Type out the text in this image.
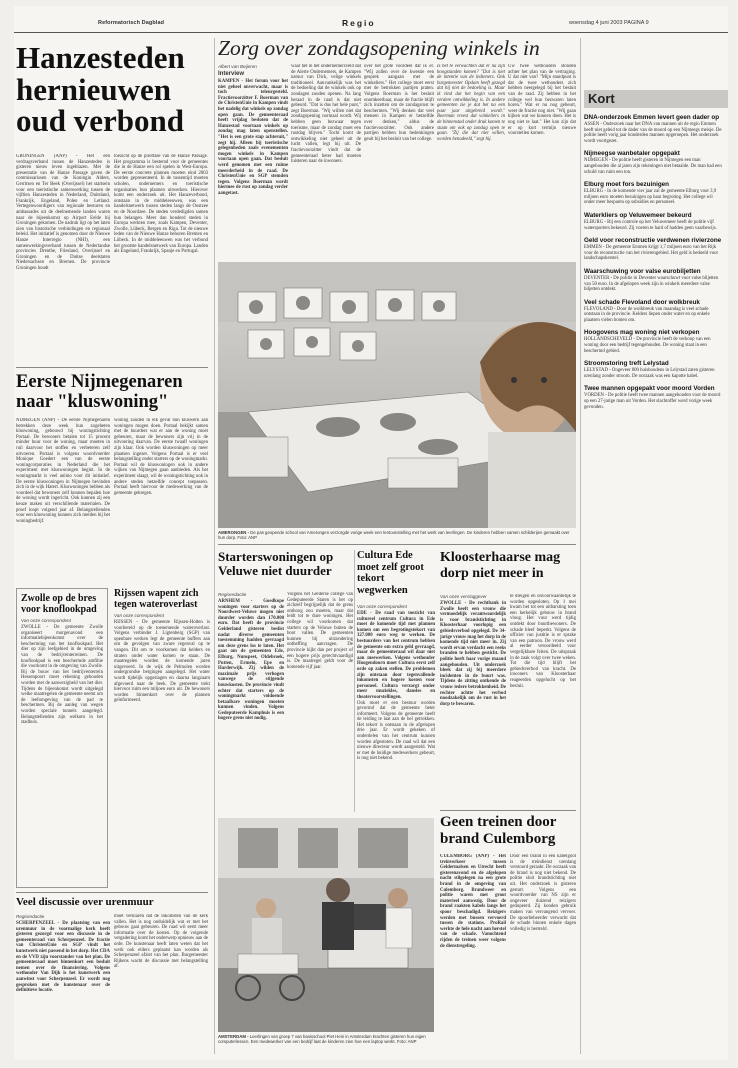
Reformatorisch Dagblad	Regio	woensdag 4 juni 2003 PAGINA 9
Hanzesteden hernieuwen oud verbond

GRONINGEN (ANP) - Het een verdragsverband tussen de Hanzesteden is gisteren nieuw leven ingeblazen. Met de presentatie van de Hanze Passage gaven de commissarissen van de Koningin Alders, Gerritsen en Ter Beek (Overijssel) het startsein voor een toeristische samenwerking tussen de vijftien Hanzesteden in Nederland, Duitsland, Frankrijk, Engeland, Polen en Letland. Vertegenwoordigers van regionale besturen en ambassades uit de deelnemende landen waren naar de bijeenkomst op Airport Eelde bij Groningen gekomen. De nadruk ligt op het laten zien van historische verbindingen en regionaal beleid. Het initiatief is genomen door de Nieuwe Hanze Interregio (NHI), een samenwerkingsverband tussen de Nederlandse provincies Drenthe, Friesland, Overijssel en Groningen en de Duitse deelstaten Niedersachsen en Bremen. De provincie Groningen houdt

toezicht op de pilotfase van de Hanze Passage. Het programma is bestemd voor de gemeentes die in de Hanze een rol spelen in West-Europa. De eerste concrete plannen moeten eind 2003 worden gepresenteerd. In de tussentijd moeten scholen, ondernemers en toeristische organisaties hun plannen uitwerken. Hierover komt een onderzoek uit. Het Hanzeverbond, ontstaan in de middeleeuwen, was een handelsnetwerk tussen steden langs de Oostzee en de Noordzee. De steden verdedigden samen hun belangen. Meer dan honderd steden in Europa werkten mee, zoals Kampen, Deventer, Zwolle, Lübeck, Bergen en Riga. Tot de nieuwe leden van de Nieuwe Hanze behoren Bremen en Lübeck. In de middeleeuwen was het verbond het grootste handelsnetwerk van Europa. Landen als Engeland, Frankrijk, Spanje en Portugal.

Zorg over zondagsopening winkels in
Albert van Beijeren
Interview
KAMPEN - Het forum voor het niet geheel onverwacht, maar is toch teleurgesteld. Fractievoorzitter F. Boerman van de ChristenUnie in Kampen vindt het nadelig dat winkels op zondag open gaan. De gemeenteraad heeft vrijdag besloten dat de Hanzestad voortaan winkels op zondag mag laten openstellen. "Het is een grote stap achteruit," zegt hij. Alleen bij toeristische gelegenheden zoals evenementen mogen winkels in Kampen voortaan open gaan. Dat besluit werd genomen met een ruime meerderheid in de raad. De ChristenUnie en SGP stemden tegen. Volgens Boerman wordt hiermee de rust op zondag verder aangetast.

waar het in het ondernemersveld dat de Alerte Ondernemers, de Kampen natuur van Dick, velige winkels traditioneel. Aanvankelijk was het de bedoeling dat de winkels ook op zondagen zouden openen. Na lang beraad in de raad is dat niet gebeurd. "Dat is dus het hele punt," zegt Boerman. "Wij willen niet dat zondagopening normaal wordt. Wij hebben geen bezwaar tegen toerisme, maar de zondag moet een rustdag blijven." Tocht komt de ontwikkeling niet geheel uit de lucht vallen, legt hij uit. De fractievoorzitter vindt dat de gemeenteraad beter had moeten luisteren naar de inwoners.

over het grote voordeel dat ik er. "Wij zullen over de kwestie een gesprek aangaan met de winkeliers." Het college moet eerst met de betrokken partijen praten. Volgens Boerman is het besluit onomkeerbaar, maar de fractie blijft zich inzetten om de zondagsrust te beschermen. "Wij denken dat veel mensen in Kampen er hetzelfde over denken," aldus de fractievoorzitter. Ook andere partijen hebben hun bedenkingen geuit bij het besluit van het college.

Is het te verwachten dat er na zijn hoogstanden komen? "Dat is niet de intentie van de indieners. Ook burgemeester Opdam heeft gezegd dat hij niet de bedoeling is. Maar ik vind dat het begin van een verdere ontwikkeling is. In andere gemeenten zie je dat het na een paar jaar uitgebreid wordt." Boerman vreest dat winkeliers in de binnenstad onder druk komen te staan om ook op zondag open te gaan. "Zij die dat niet willen, worden benadeeld," zegt hij.

Uw twee wethouders stonden achter het plan van de vertraging. U dat niet van? "Mijn standpunt is dat de twee wethouders zich hebben neergelegd bij het besluit van de raad. Zij hebben in het college wel hun bezwaren laten horen." Wat er nu nog gebeurt, weet de fractie nog niet. "Wij gaan kijken wat we kunnen doen. Het is nog niet te laat." Het kan zijn dat er op kort termijn nieuwe voorstellen komen.

AMERONGEN - De pas geopende school van Amerongen verzorgde vorige week een tentoonstelling met het werk van leerlingen. De kinderen hebben samen schilderijen gemaakt over hun dorp. Foto: ANP
Eerste Nijmegenaren naar "kluswoning"

NIJMEGEN (ANP) - De eerste Nijmegenaren betrekken deze week hun zogeheten kluswoning, gebouwd bij woningstichting Portaal. De bewoners betalen tot 15 procent minder huur voor de woning, maar moeten in ruil daarvoor het stoffen en verbeteren zelf uitvoeren. Portaal is volgens woordvoerder Monique Goedert een van de eerste woningcorporaties in Nederland die het experiment met kluswoningen begint. In de woningmarkt is veel animo voor dit initiatief. De eerste kluswoningen in Nijmegen bevinden zich in de wijk Hatert. Kluswoningen hebben als voordeel dat bewoners zelf kunnen bepalen hoe de woning wordt ingericht. Ook kunnen zij een keuze maken uit verschillende materialen. De proef loopt volgend jaar af. Belangstellenden voor een kluswoning kunnen zich melden bij het woningbedrijf.

woning zouden in elk geval hun kluswerk aan woningen mogen doen. Portaal bekijkt samen met de huurders wat er aan de woning moet gebeuren, maar de bewoners zijn vrij in de uitvoering daarvan. De eerste twaalf woningen zijn klaar. Ook worden kluswoningen op meer plaatsen ingezet. Volgens Portaal is er veel belangstelling onder starters op de woningmarkt. Portaal wil de kluswoningen ook in andere wijken van Nijmegen gaan aanbieden. Als het experiment slaagt, wil de woningstichting ook in andere steden hetzelfde concept toepassen. Portaal heeft hiervoor de medewerking van de gemeente gekregen.

Zwolle op de bres voor knoflookpad
Van onze correspondent
ZWOLLE - De gemeente Zwolle organiseert morgenavond een informatiebijeenkomst over de bescherming van het knoflookpad. Het dier op zijn leefgebied in de omgeving van de bedrijventerreinen. De knoflookpad is een beschermde amfibie die voorkomt in de omgeving van Zwolle. Bij de bouw van het bedrijventerrein Hessenpoort moet rekening gehouden worden met de aanwezigheid van het dier. Tijdens de bijeenkomst wordt uitgelegd welke maatregelen de gemeente neemt om de leefomgeving van de pad te beschermen. Bij de aanleg van wegen worden speciale tunnels aangelegd. Belangstellenden zijn welkom in het stadhuis.
Rijssen wapent zich tegen wateroverlast
Van onze correspondent
RIJSSEN - De gemeente Rijssen-Holten is voorbereid op de toenemende wateroverlast. Volgens verbinder J. Ligtenberg (SGP) van openbare werken legt de gemeente buffers aan om de gevolgen van zware regenval op te vangen. Dit om te voorkomen dat kelders en straten onder water komen te staan. De maatregelen worden de komende jaren uitgevoerd. In de wijk de Pelmolen worden ondergrondse bergingen aangelegd. Het water wordt tijdelijk opgeslagen en daarna langzaam afgevoerd naar de beek. De gemeente trekt hiervoor ruim een miljoen euro uit. De bewoners worden binnenkort over de plannen geïnformeerd.
Veel discussie over urenmuur
Regioredactie
SCHERPENZEEL - De plaatsing van een urenmuur in de voormalige kerk heeft gisteren gezorgd voor een discussie in de gemeenteraad van Scherpenzeel. De fractie van ChristenUnie en SGP vindt het kunstwerk niet passend in het dorp. Het CDA en de VVD zijn voorstander van het plan. De gemeenteraad moet binnenkort een besluit nemen over de financiering. Volgens wethouder Van Dijk is het kunstwerk een aanwinst voor Scherpenzeel. Er wordt nog gesproken met de kunstenaar over de definitieve locatie.

moet verklaren dat de inkomsten van de kerk vallen. Het is nog onduidelijk wat er met het gebouw gaat gebeuren. De raad wil eerst meer informatie over de kosten. Op de volgende vergadering komt het onderwerp opnieuw aan de orde. De kunstenaar heeft laten weten dat het werk ook elders geplaatst kan worden als Scherpenzeel afziet van het plan. Burgemeester Rijkens wacht de discussie met belangstelling af.

Starterswoningen op Veluwe niet duurder
Regioredactie
ARNHEM - Goedkope woningen voor starters op de Noordwest-Veluwe mogen niet duurder worden dan 170.000 euro. Dat heeft de provincie Gelderland gisteren beslist nadat diverse gemeenten toestemming hadden gevraagd om deze grens los te laten. Het gaat om de gemeenten Ede, Elburg, Nunspeet, Oldebroek, Putten, Ermelo, Epe en Harderwijk. Zij wilden de maximale prijs verhogen vanwege de stijgende bouwkosten. De provincie vindt echter dat starters op de woningmarkt voldoende betaalbare woningen moeten kunnen vinden. Volgens Gedeputeerde Kamphuis is een hogere grens niet nodig.

Volgens het Gelderse college van Gedeputeerde Staten is het op zichzelf begrijpelijk dat de grens omhoog zou moeten, maar dat leidt tot te dure woningen. Het college wil voorkomen dat starters op de Veluwe buiten de boot vallen. De gemeenten kunnen bij uitzondering ontheffing aanvragen. De provincie kijkt dan per project of een hogere prijs gerechtvaardigd is. De maatregel geldt voor de komende vijf jaar.

Cultura Ede moet zelf groot tekort wegwerken
Van onze correspondent
EDE - De raad van toezicht van cultureel centrum Cultura in Ede moet de komende tijd met plannen komen om een begrotingstekort van 327.000 euro weg te werken. De bestuurders van het centrum hebben de gemeente om extra geld gevraagd, maar de gemeenteraad wil daar niet aan meewerken. Volgens wethouder Hoogendoorn moet Cultura eerst zelf orde op zaken stellen. De problemen zijn ontstaan door tegenvallende inkomsten en hogere kosten voor personeel. Cultura verzorgt onder meer muziekles, dansles en theatervoorstellingen.
Ook moet er een bestuur worden gevormd dat de gemeente beter informeert. Volgens de gemeente heeft de leiding te laat aan de bel getrokken. Het tekort is ontstaan in de afgelopen drie jaar. Er wordt gekeken of onderdelen van het centrum kunnen worden afgestoten. De raad wil dat een nieuwe directeur wordt aangesteld. Wat er met de huidige medewerkers gebeurt, is nog niet bekend.
Kloosterhaarse mag dorp niet meer in
Van onze verslaggever
ZWOLLE - De rechtbank in Zwolle heeft een vrouw die vermoedelijk verantwoordelijk is voor brandstichting in Kloosterhaar voorlopig een gebiedsverbod opgelegd. De 34-jarige vrouw mag het dorp in de komende tijd niet meer in. Zij wordt ervan verdacht een reeks branden te hebben gesticht. De politie heeft haar vorige maand aangehouden. Uit onderzoek bleek dat zij bij meerdere incidenten in de buurt was. Tijdens de zitting ontkende de vrouw iedere betrokkenheid. De rechter achtte het verbod noodzakelijk om de rust in het dorp te bewaren.

te dreigen en onvoorwaardelijk te worden opgesloten. Op 1 mei kwam het tot een uitbarsting toen een kerkelijk gebouw in brand vloog. Het vuur werd tijdig ontdekt door buurtbewoners. De schade bleef beperkt. Volgens de officier van justitie is er sprake van een patroon. De vrouw werd al eerder veroordeeld voor vergelijkbare feiten. De uitspraak in de zaak volgt over twee weken. Tot die tijd blijft het gebiedsverbod van kracht. De inwoners van Kloosterhaar reageerden opgelucht op het besluit.

Geen treinen door brand Culemborg

CULEMBORG (ANP) - Het treinverkeer tussen Geldermalsen en Utrecht heeft gisterenavond en de afgelopen nacht stilgelegen na een grote brand in de omgeving van Culemborg. Brandweer en politie waren met groot materieel aanwezig. Door de brand raakten kabels langs het spoor beschadigd. Reizigers werden met bussen vervoerd tussen de stations. ProRail werkte de hele nacht aan herstel van de schade. Vanochtend rijden de treinen weer volgens de dienstregeling.

Door een brand in een kabelgoot is de treindienst urenlang verstoord geraakt. De oorzaak van de brand is nog niet bekend. De politie sluit brandstichting niet uit. Het onderzoek is gisteren gestart. Volgens een woordvoerder van NS zijn er ongeveer duizend reizigers gedupeerd. Zij konden gebruik maken van vervangend vervoer. De spoorbeheerder verwacht dat de schade binnen enkele dagen volledig is hersteld.

AMSTERDAM - Leerlingen van groep 7 van basisschool Piet Hein in Amsterdam krachten gisteren hun eigen computerlessen. Een medewerker van een bedrijf laat de kinderen zien hoe een laptop werkt. Foto: ANP
Kort
DNA-onderzoek Emmen levert geen dader op
ASSEN - Onderzoek naar het DNA van mannen uit de regio Emmen heeft niet geleid tot de dader van de moord op een Nijmeegs meisje. De politie heeft vorig jaar honderden mannen opgeroepen. Het onderzoek wordt voortgezet.
Nijmeegse wanbetaler opgepakt
NIJMEGEN - De politie heeft gisteren in Nijmegen een man aangehouden die al jaren zijn rekeningen niet betaalde. De man had een schuld van ruim een ton.
Elburg moet fors bezuinigen
ELBURG - In de komende vier jaar zal de gemeente Elburg voor 3,9 miljoen euro moeten bezuinigen op haar begroting. Het college wil onder meer besparen op subsidies en personeel.
Waterkliers op Veluwemeer bekeurd
ELBURG - Bij een controle op het Veluwemeer heeft de politie vijf watersporters bekeurd. Zij voeren te hard of hadden geen vaarbewijs.
Geld voor reconstructie verdwenen rivierzone
EMMEN - De gemeente Emmen krijgt 1,7 miljoen euro van het Rijk voor de reconstructie van het rivierengebied. Het geld is bedoeld voor landschapsherstel.
Waarschuwing voor valse eurobiljetten
DEVENTER - De politie in Deventer waarschuwt voor valse biljetten van 50 euro. In de afgelopen week zijn in winkels meerdere valse biljetten ontdekt.
Veel schade Flevoland door wolkbreuk
FLEVOLAND - Door de wolkbreuk van maandag is veel schade ontstaan in de provincie. Kelders liepen onder water en op enkele plaatsen vielen bomen om.
Hoogovens mag woning niet verkopen
HOLLANDSCHEVELD - De provincie heeft de verkoop van een woning door een bedrijf tegengehouden. De woning staat in een beschermd gebied.
Stroomstoring treft Lelystad
LELYSTAD - Ongeveer 800 huishoudens in Lelystad zaten gisteren urenlang zonder stroom. De oorzaak was een kapotte kabel.
Twee mannen opgepakt voor moord Vorden
VORDEN - De politie heeft twee mannen aangehouden voor de moord op een 27-jarige man uit Vorden. Het slachtoffer werd vorige week gevonden.
